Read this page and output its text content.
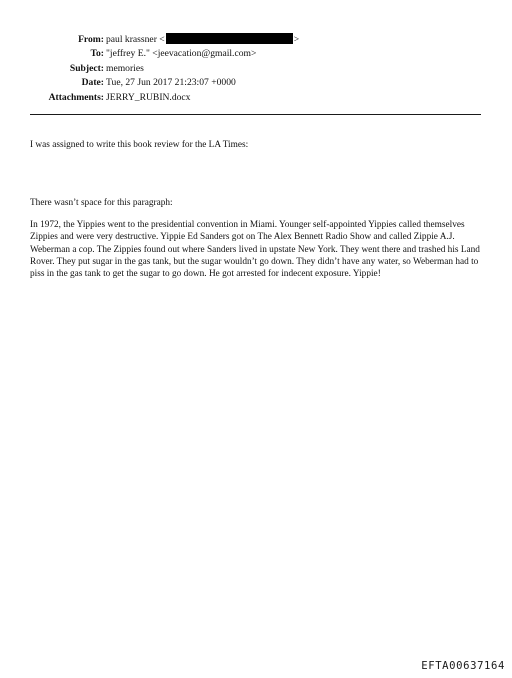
From: paul krassner <	>
To: "jeffrey E." <jeevacation@gmail.com>
Subject: memories
Date: Tue, 27 Jun 2017 21:23:07 +0000
Attachments: JERRY_RUBIN.docx

I was assigned to write this book review for the LA Times:

There wasn’t space for this paragraph:

In 1972, the Yippies went to the presidential convention in Miami. Younger self-appointed Yippies called themselves Zippies and were very destructive. Yippie Ed Sanders got on The Alex Bennett Radio Show and called Zippie A.J. Weberman a cop. The Zippies found out where Sanders lived in upstate New York. They went there and trashed his Land Rover. They put sugar in the gas tank, but the sugar wouldn’t go down. They didn’t have any water, so Weberman had to piss in the gas tank to get the sugar to go down. He got arrested for indecent exposure. Yippie!

EFTA00637164
